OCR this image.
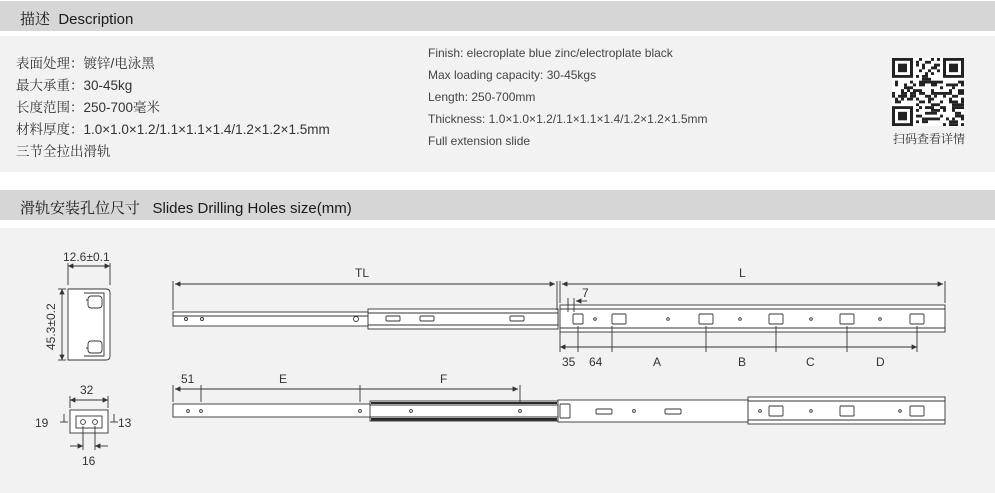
描述  Description
表面处理：镀锌/电泳黑
最大承重：30-45kg
长度范围：250-700毫米
材料厚度：1.0×1.0×1.2/1.1×1.1×1.4/1.2×1.2×1.5mm
三节全拉出滑轨
Finish: elecroplate blue zinc/electroplate black
Max loading capacity: 30-45kgs
Length: 250-700mm
Thickness: 1.0×1.0×1.2/1.1×1.1×1.4/1.2×1.2×1.5mm
Full extension slide	扫码查看详情
滑轨安装孔位尺寸   Slides Drilling Holes size(mm)
12.6±0.1
45.3±0.2
32
19	13
16
TL	L
7
35 64	A	B	C	D
51	E	F
